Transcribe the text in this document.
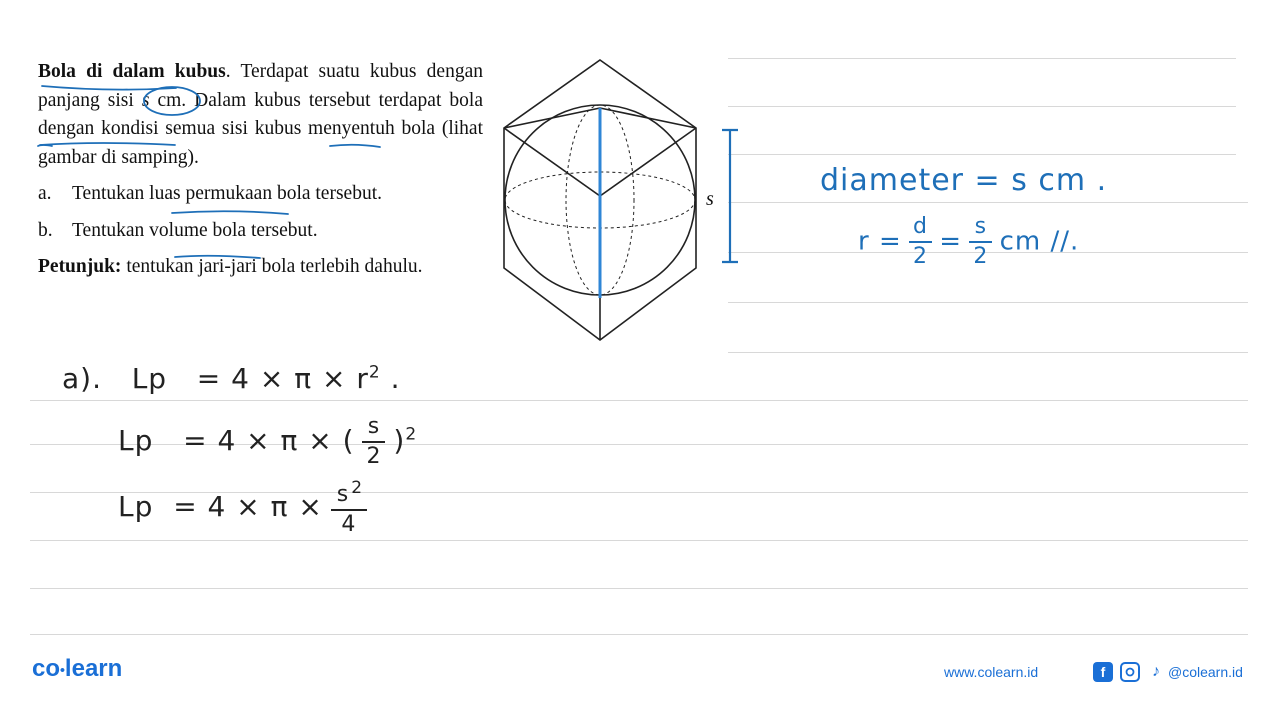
Bola di dalam kubus. Terdapat suatu kubus dengan panjang sisi s cm. Dalam kubus tersebut terdapat bola dengan kondisi semua sisi kubus menyentuh bola (lihat gambar di samping).

a.	Tentukan luas permukaan bola tersebut.
b. Tentukan volume bola tersebut.

Petunjuk: tentukan jari-jari bola terlebih dahulu.

s
diameter = s cm .
$r = \frac{d}{2} = \frac{s}{2}$ cm //.
a). $Lp = 4 \times \pi \times r^2$ .
Lp = 4 × π × ( $\frac{s}{2} )^2$
$Lp = 4 \times \pi \times \frac{s ^2}{4}$
co•learn	www.colearn.id	f	♪ @colearn.id
